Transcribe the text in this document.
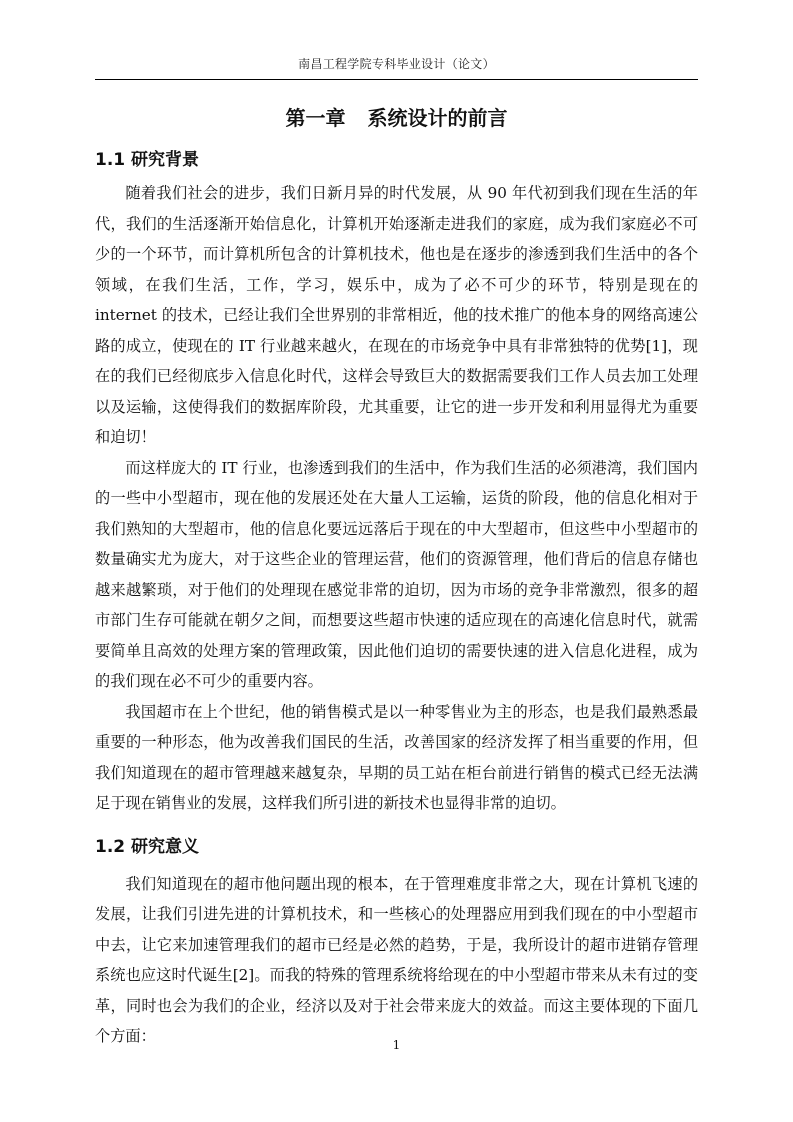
南昌工程学院专科毕业设计（论文）
第一章 系统设计的前言
1.1 研究背景

随着我们社会的进步，我们日新月异的时代发展，从 90 年代初到我们现在生活的年代，我们的生活逐渐开始信息化，计算机开始逐渐走进我们的家庭，成为我们家庭必不可少的一个环节，而计算机所包含的计算机技术，他也是在逐步的渗透到我们生活中的各个领域，在我们生活，工作，学习，娱乐中，成为了必不可少的环节，特别是现在的 internet 的技术，已经让我们全世界别的非常相近，他的技术推广的他本身的网络高速公路的成立，使现在的 IT 行业越来越火，在现在的市场竞争中具有非常独特的优势[1]，现在的我们已经彻底步入信息化时代，这样会导致巨大的数据需要我们工作人员去加工处理以及运输，这使得我们的数据库阶段，尤其重要，让它的进一步开发和利用显得尤为重要和迫切！

而这样庞大的 IT 行业，也渗透到我们的生活中，作为我们生活的必须港湾，我们国内的一些中小型超市，现在他的发展还处在大量人工运输，运货的阶段，他的信息化相对于我们熟知的大型超市，他的信息化要远远落后于现在的中大型超市，但这些中小型超市的数量确实尤为庞大，对于这些企业的管理运营，他们的资源管理，他们背后的信息存储也越来越繁琐，对于他们的处理现在感觉非常的迫切，因为市场的竞争非常激烈，很多的超市部门生存可能就在朝夕之间，而想要这些超市快速的适应现在的高速化信息时代，就需要简单且高效的处理方案的管理政策，因此他们迫切的需要快速的进入信息化进程，成为的我们现在必不可少的重要内容。

我国超市在上个世纪，他的销售模式是以一种零售业为主的形态，也是我们最熟悉最重要的一种形态，他为改善我们国民的生活，改善国家的经济发挥了相当重要的作用，但我们知道现在的超市管理越来越复杂，早期的员工站在柜台前进行销售的模式已经无法满足于现在销售业的发展，这样我们所引进的新技术也显得非常的迫切。

1.2 研究意义

我们知道现在的超市他问题出现的根本，在于管理难度非常之大，现在计算机飞速的发展，让我们引进先进的计算机技术，和一些核心的处理器应用到我们现在的中小型超市中去，让它来加速管理我们的超市已经是必然的趋势，于是，我所设计的超市进销存管理系统也应这时代诞生[2]。而我的特殊的管理系统将给现在的中小型超市带来从未有过的变革，同时也会为我们的企业，经济以及对于社会带来庞大的效益。而这主要体现的下面几个方面：	1
